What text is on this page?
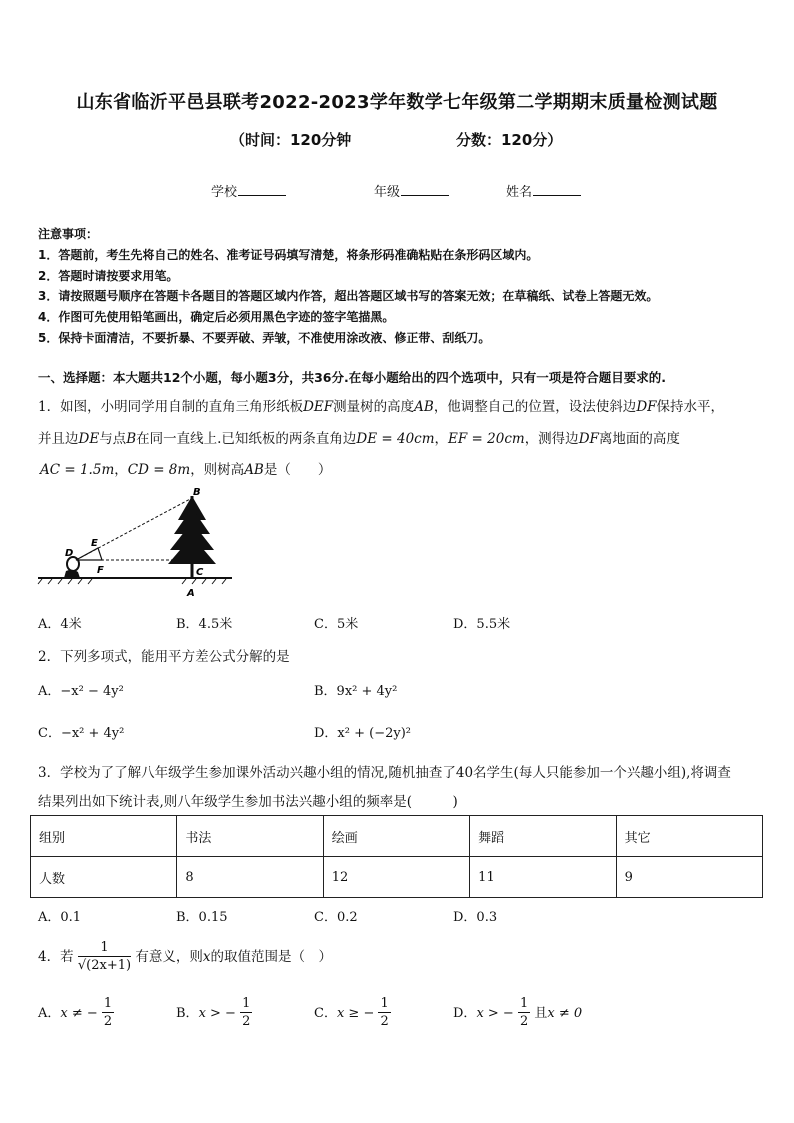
山东省临沂平邑县联考2022-2023学年数学七年级第二学期期末质量检测试题
（时间：120分钟	分数：120分）
学校	年级	姓名
注意事项：
1．答题前，考生先将自己的姓名、准考证号码填写清楚，将条形码准确粘贴在条形码区域内。
2．答题时请按要求用笔。
3．请按照题号顺序在答题卡各题目的答题区域内作答，超出答题区域书写的答案无效；在草稿纸、试卷上答题无效。
4．作图可先使用铅笔画出，确定后必须用黑色字迹的签字笔描黑。
5．保持卡面清洁，不要折暴、不要弄破、弄皱，不准使用涂改液、修正带、刮纸刀。
一、选择题：本大题共12个小题，每小题3分，共36分.在每小题给出的四个选项中，只有一项是符合题目要求的.
1．如图，小明同学用自制的直角三角形纸板DEF测量树的高度AB，他调整自己的位置，设法使斜边DF保持水平，
并且边DE与点B在同一直线上.已知纸板的两条直角边DE = 40cm，EF = 20cm，测得边DF离地面的高度
AC = 1.5m，CD = 8m，则树高AB是（　　）
B
E
D
F	C
A
A．4米	B．4.5米	C．5米	D．5.5米
2．下列多项式，能用平方差公式分解的是
A．−x² − 4y²	B．9x² + 4y²
C．−x² + 4y²	D．x² + (−2y)²
3．学校为了了解八年级学生参加课外活动兴趣小组的情况,随机抽查了40名学生(每人只能参加一个兴趣小组),将调查
结果列出如下统计表,则八年级学生参加书法兴趣小组的频率是(　　　)
组别	书法	绘画	舞蹈	其它
人数	8	12	11	9
A．0.1	B．0.15	C．0.2	D．0.3
4．若 $\frac{1}{√(2x+1)}$ 有意义，则x的取值范围是（　）
A．x ≠ − $\frac{1}{2}$	B．x > − $\frac{1}{2}$	C．x ≥ − $\frac{1}{2}$	D．x > − $\frac{1}{2}$ 且x ≠ 0
